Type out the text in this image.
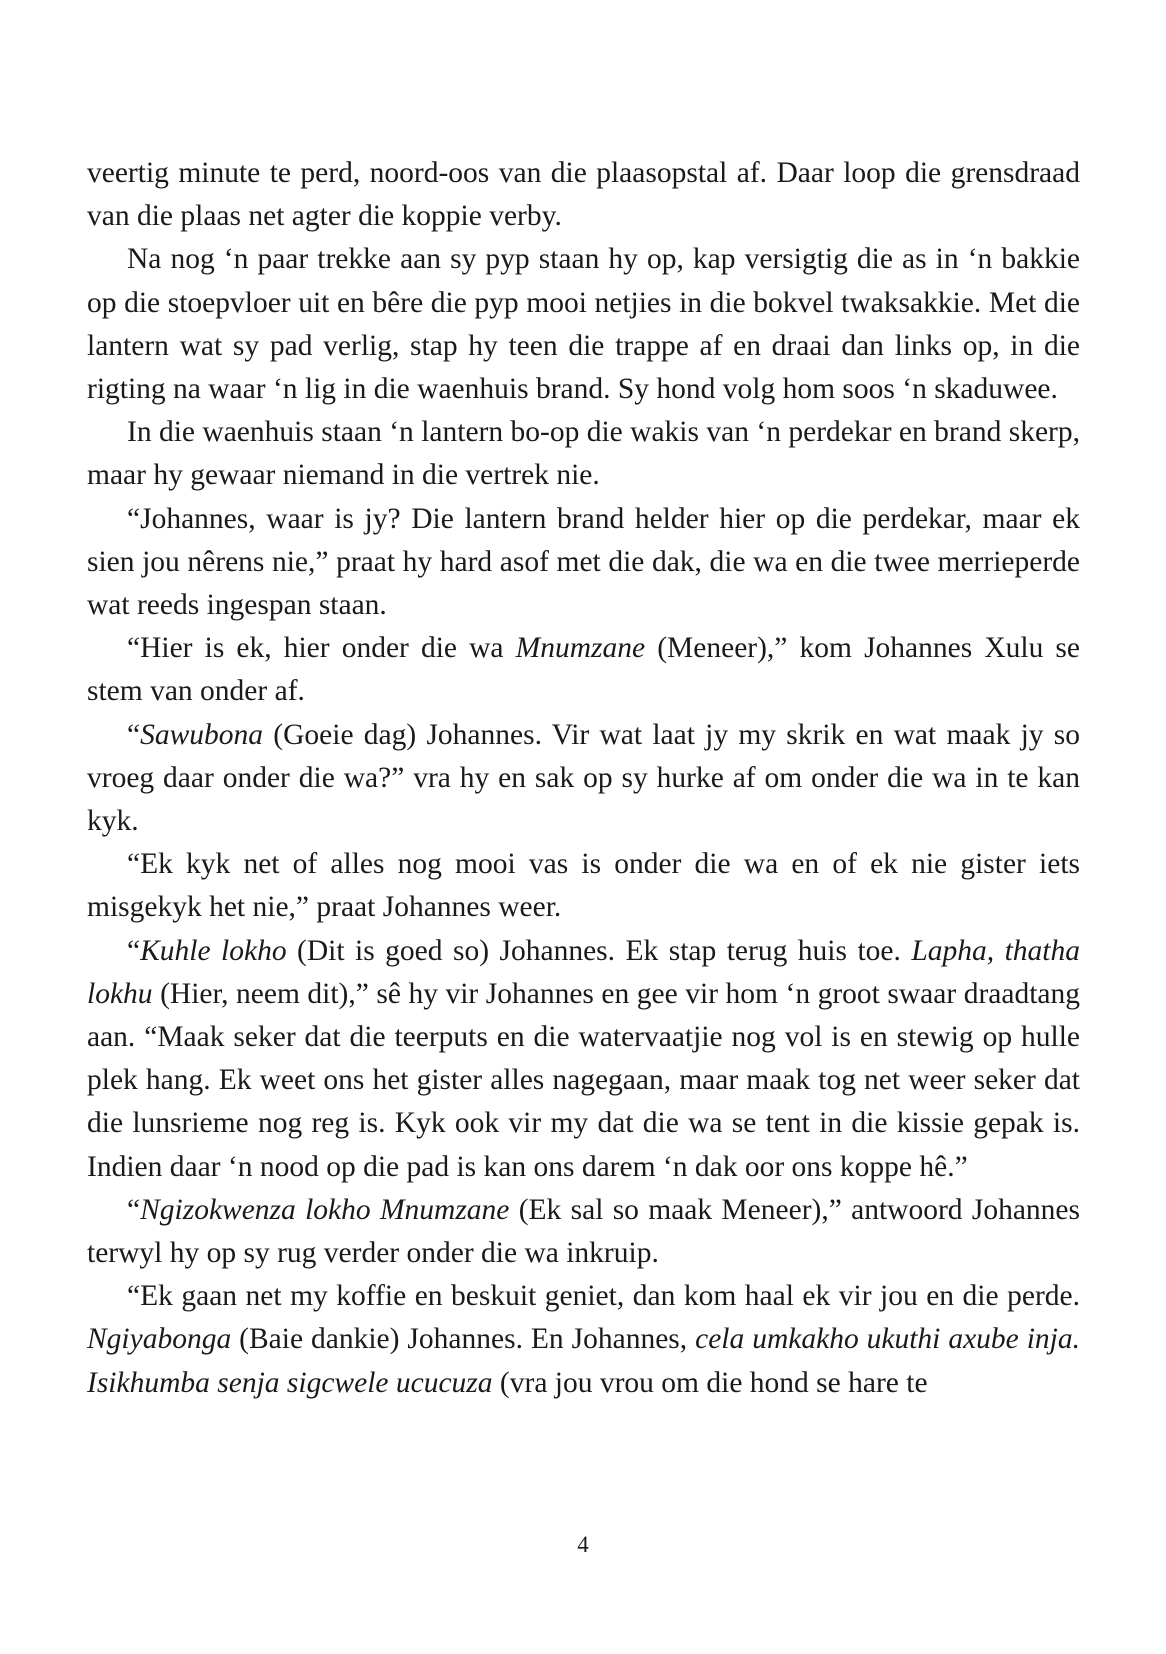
veertig minute te perd, noord-oos van die plaasopstal af. Daar loop die grensdraad van die plaas net agter die koppie verby.

Na nog ‘n paar trekke aan sy pyp staan hy op, kap versigtig die as in ‘n bakkie op die stoepvloer uit en bêre die pyp mooi netjies in die bokvel twaksakkie. Met die lantern wat sy pad verlig, stap hy teen die trappe af en draai dan links op, in die rigting na waar ‘n lig in die waenhuis brand. Sy hond volg hom soos ‘n skaduwee.

In die waenhuis staan ‘n lantern bo-op die wakis van ‘n perdekar en brand skerp, maar hy gewaar niemand in die vertrek nie.

“Johannes, waar is jy? Die lantern brand helder hier op die perdekar, maar ek sien jou nêrens nie,” praat hy hard asof met die dak, die wa en die twee merrieperde wat reeds ingespan staan.

“Hier is ek, hier onder die wa Mnumzane (Meneer),” kom Johannes Xulu se stem van onder af.

“Sawubona (Goeie dag) Johannes. Vir wat laat jy my skrik en wat maak jy so vroeg daar onder die wa?” vra hy en sak op sy hurke af om onder die wa in te kan kyk.

“Ek kyk net of alles nog mooi vas is onder die wa en of ek nie gister iets misgekyk het nie,” praat Johannes weer.

“Kuhle lokho (Dit is goed so) Johannes. Ek stap terug huis toe. Lapha, thatha lokhu (Hier, neem dit),” sê hy vir Johannes en gee vir hom ‘n groot swaar draadtang aan. “Maak seker dat die teerputs en die watervaatjie nog vol is en stewig op hulle plek hang. Ek weet ons het gister alles nagegaan, maar maak tog net weer seker dat die lunsrieme nog reg is. Kyk ook vir my dat die wa se tent in die kissie gepak is. Indien daar ‘n nood op die pad is kan ons darem ‘n dak oor ons koppe hê.”

“Ngizokwenza lokho Mnumzane (Ek sal so maak Meneer),” antwoord Johannes terwyl hy op sy rug verder onder die wa inkruip.

“Ek gaan net my koffie en beskuit geniet, dan kom haal ek vir jou en die perde. Ngiyabonga (Baie dankie) Johannes. En Johannes, cela umkakho ukuthi axube inja. Isikhumba senja sigcwele ucucuza (vra jou vrou om die hond se hare te

4
